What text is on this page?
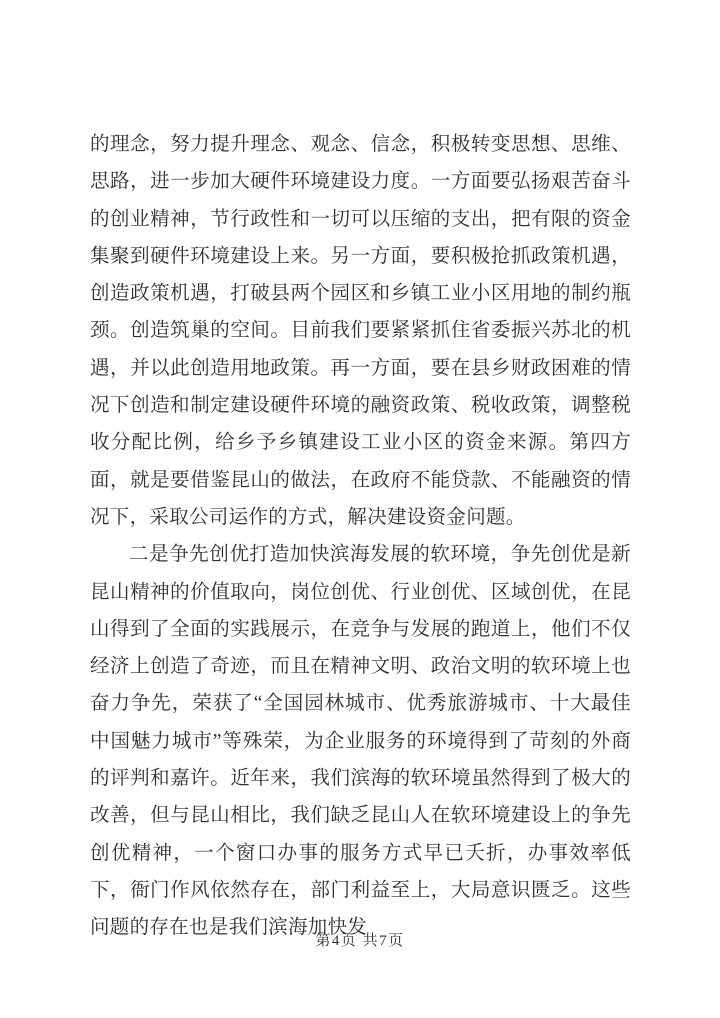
的理念，努力提升理念、观念、信念，积极转变思想、思维、思路，进一步加大硬件环境建设力度。一方面要弘扬艰苦奋斗的创业精神，节行政性和一切可以压缩的支出，把有限的资金集聚到硬件环境建设上来。另一方面，要积极抢抓政策机遇，创造政策机遇，打破县两个园区和乡镇工业小区用地的制约瓶颈。创造筑巢的空间。目前我们要紧紧抓住省委振兴苏北的机遇，并以此创造用地政策。再一方面，要在县乡财政困难的情况下创造和制定建设硬件环境的融资政策、税收政策，调整税收分配比例，给乡予乡镇建设工业小区的资金来源。第四方面，就是要借鉴昆山的做法，在政府不能贷款、不能融资的情况下，采取公司运作的方式，解决建设资金问题。

二是争先创优打造加快滨海发展的软环境，争先创优是新昆山精神的价值取向，岗位创优、行业创优、区域创优，在昆山得到了全面的实践展示，在竞争与发展的跑道上，他们不仅经济上创造了奇迹，而且在精神文明、政治文明的软环境上也奋力争先，荣获了“全国园林城市、优秀旅游城市、十大最佳中国魅力城市”等殊荣，为企业服务的环境得到了苛刻的外商的评判和嘉许。近年来，我们滨海的软环境虽然得到了极大的改善，但与昆山相比，我们缺乏昆山人在软环境建设上的争先创优精神，一个窗口办事的服务方式早已夭折，办事效率低下，衙门作风依然存在，部门利益至上，大局意识匮乏。这些问题的存在也是我们滨海加快发

第4页 共7页
